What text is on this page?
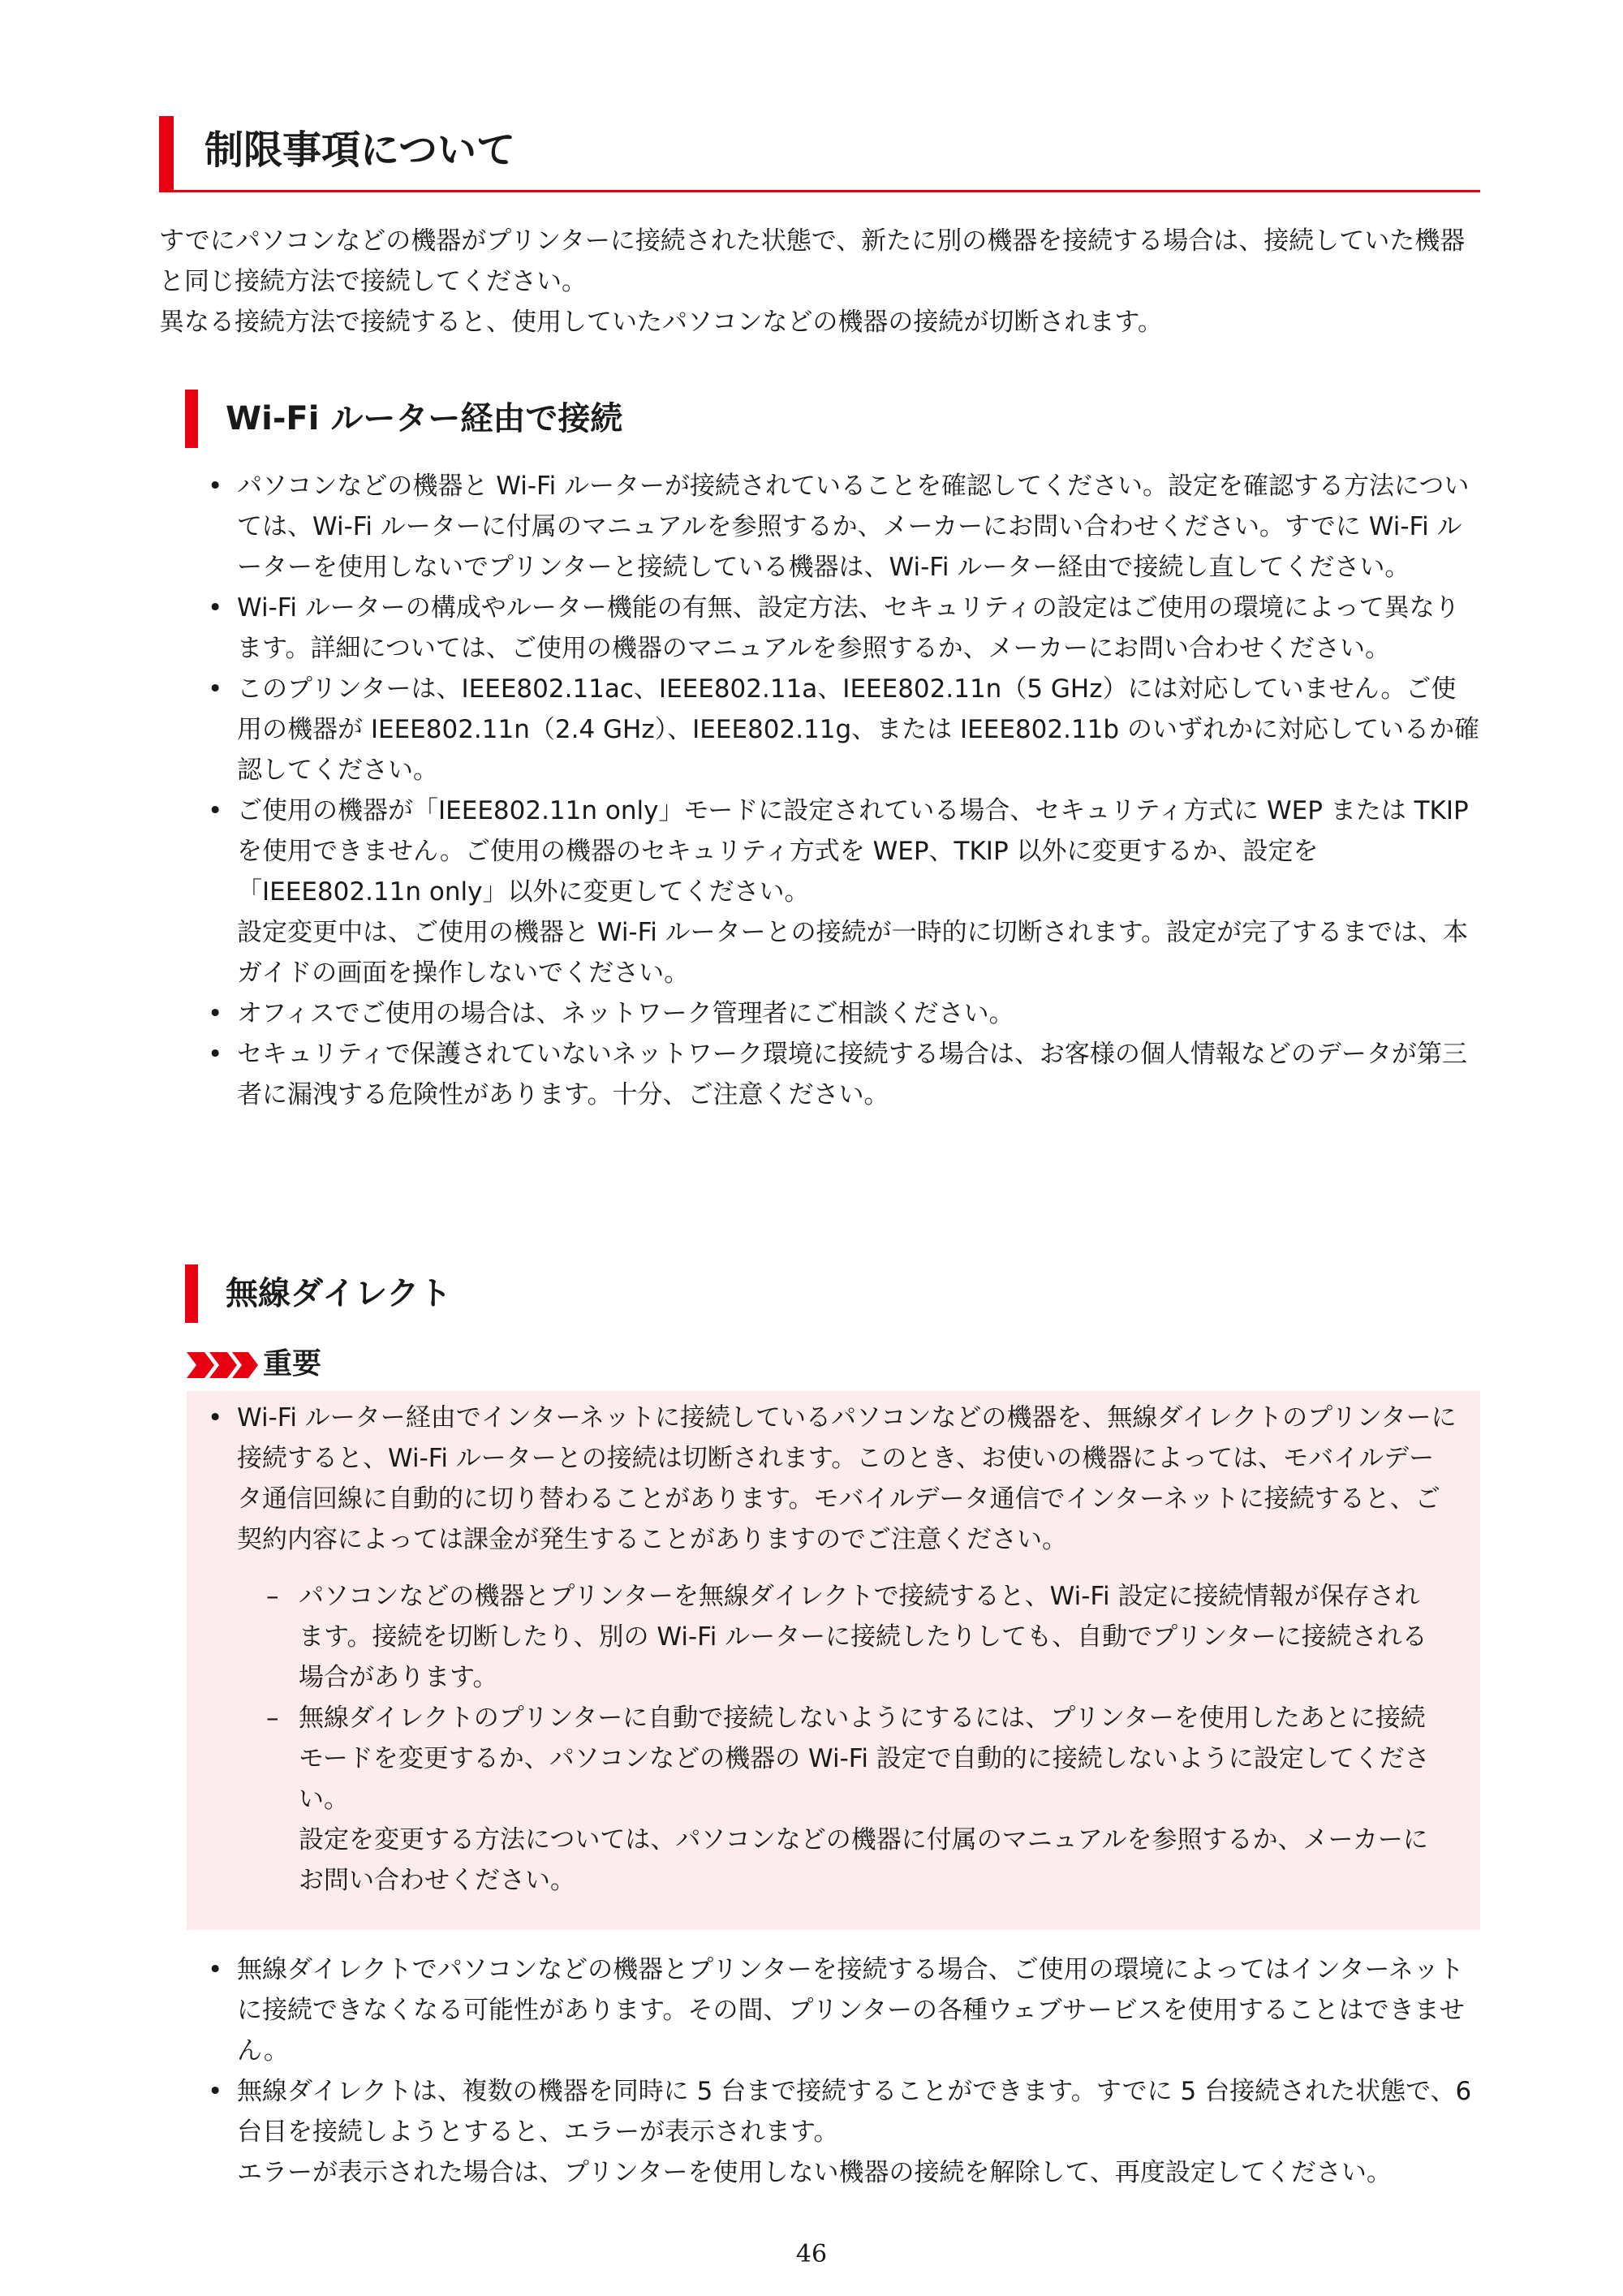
制限事項について
すでにパソコンなどの機器がプリンターに接続された状態で、新たに別の機器を接続する場合は、接続していた機器と同じ接続方法で接続してください。
異なる接続方法で接続すると、使用していたパソコンなどの機器の接続が切断されます。
Wi-Fi ルーター経由で接続
• パソコンなどの機器と Wi-Fi ルーターが接続されていることを確認してください。設定を確認する方法については、Wi-Fi ルーターに付属のマニュアルを参照するか、メーカーにお問い合わせください。すでに Wi-Fi ルーターを使用しないでプリンターと接続している機器は、Wi-Fi ルーター経由で接続し直してください。
• Wi-Fi ルーターの構成やルーター機能の有無、設定方法、セキュリティの設定はご使用の環境によって異なります。詳細については、ご使用の機器のマニュアルを参照するか、メーカーにお問い合わせください。
• このプリンターは、IEEE802.11ac、IEEE802.11a、IEEE802.11n（5 GHz）には対応していません。ご使用の機器が IEEE802.11n（2.4 GHz）、IEEE802.11g、または IEEE802.11b のいずれかに対応しているか確認してください。
• ご使用の機器が「IEEE802.11n only」モードに設定されている場合、セキュリティ方式に WEP または TKIP を使用できません。ご使用の機器のセキュリティ方式を WEP、TKIP 以外に変更するか、設定を「IEEE802.11n only」以外に変更してください。
設定変更中は、ご使用の機器と Wi-Fi ルーターとの接続が一時的に切断されます。設定が完了するまでは、本ガイドの画面を操作しないでください。
• オフィスでご使用の場合は、ネットワーク管理者にご相談ください。
• セキュリティで保護されていないネットワーク環境に接続する場合は、お客様の個人情報などのデータが第三者に漏洩する危険性があります。十分、ご注意ください。
無線ダイレクト
重要
• Wi-Fi ルーター経由でインターネットに接続しているパソコンなどの機器を、無線ダイレクトのプリンターに接続すると、Wi-Fi ルーターとの接続は切断されます。このとき、お使いの機器によっては、モバイルデータ通信回線に自動的に切り替わることがあります。モバイルデータ通信でインターネットに接続すると、ご契約内容によっては課金が発生することがありますのでご注意ください。
– パソコンなどの機器とプリンターを無線ダイレクトで接続すると、Wi-Fi 設定に接続情報が保存されます。接続を切断したり、別の Wi-Fi ルーターに接続したりしても、自動でプリンターに接続される場合があります。
– 無線ダイレクトのプリンターに自動で接続しないようにするには、プリンターを使用したあとに接続モードを変更するか、パソコンなどの機器の Wi-Fi 設定で自動的に接続しないように設定してください。
設定を変更する方法については、パソコンなどの機器に付属のマニュアルを参照するか、メーカーにお問い合わせください。
• 無線ダイレクトでパソコンなどの機器とプリンターを接続する場合、ご使用の環境によってはインターネットに接続できなくなる可能性があります。その間、プリンターの各種ウェブサービスを使用することはできません。
• 無線ダイレクトは、複数の機器を同時に 5 台まで接続することができます。すでに 5 台接続された状態で、6 台目を接続しようとすると、エラーが表示されます。
エラーが表示された場合は、プリンターを使用しない機器の接続を解除して、再度設定してください。
46
